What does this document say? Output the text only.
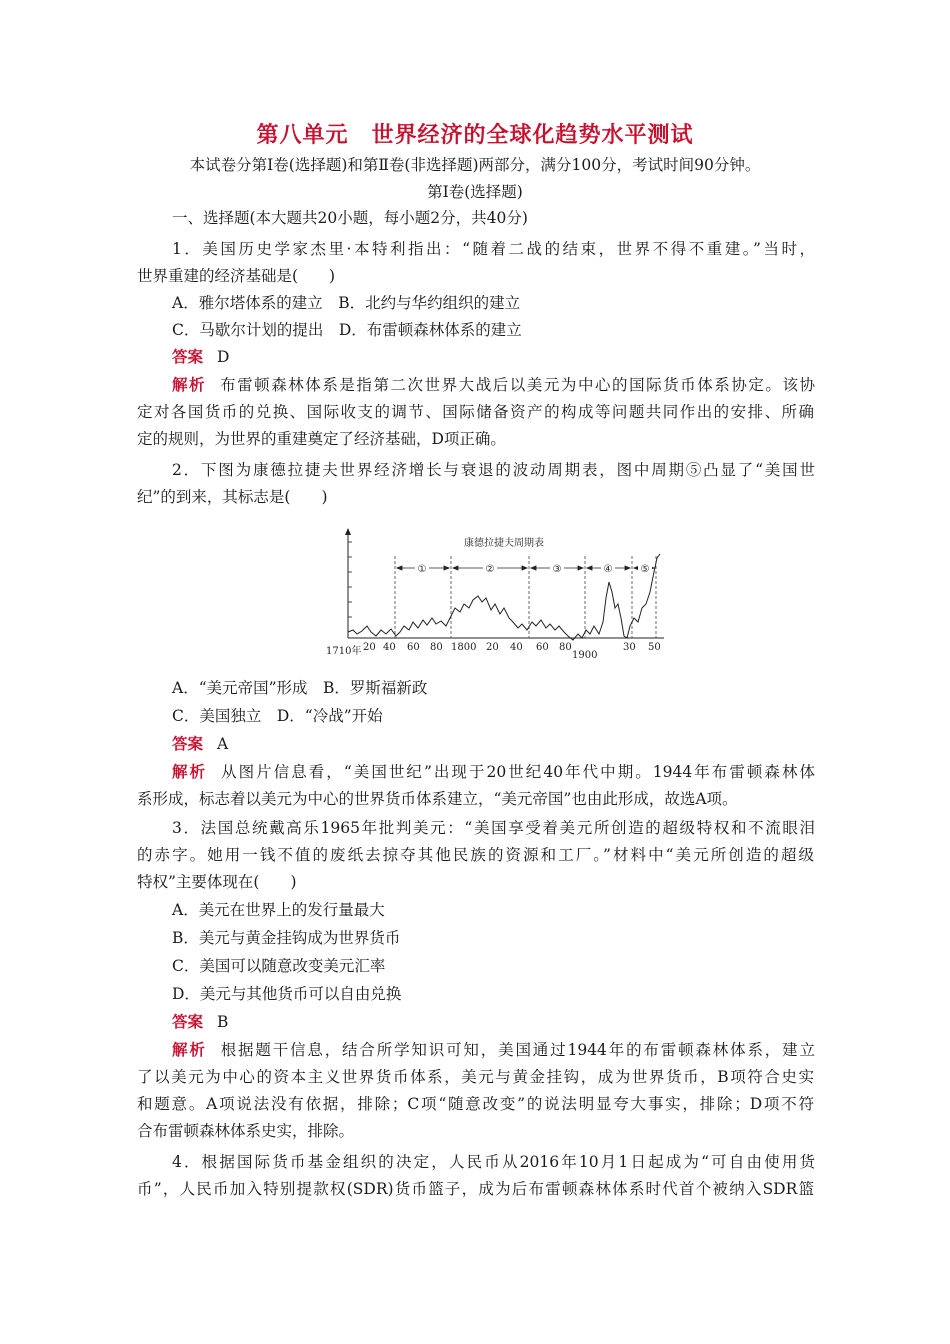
第八单元　世界经济的全球化趋势水平测试
本试卷分第Ⅰ卷(选择题)和第Ⅱ卷(非选择题)两部分，满分100分，考试时间90分钟。
第Ⅰ卷(选择题)
一、选择题(本大题共20小题，每小题2分，共40分)
1．美国历史学家杰里·本特利指出：“随着二战的结束，世界不得不重建。”当时，
世界重建的经济基础是(　　)
A．雅尔塔体系的建立　B．北约与华约组织的建立
C．马歇尔计划的提出　D．布雷顿森林体系的建立
答案 D
解析 布雷顿森林体系是指第二次世界大战后以美元为中心的国际货币体系协定。该协
定对各国货币的兑换、国际收支的调节、国际储备资产的构成等问题共同作出的安排、所确
定的规则，为世界的重建奠定了经济基础，D项正确。
2．下图为康德拉捷夫世界经济增长与衰退的波动周期表，图中周期⑤凸显了“美国世
纪”的到来，其标志是(　　)
康德拉捷夫周期表
①	②	③	④	⑤
1710年 20 40 60 80 1800 20 40 60 80
1900
30 50
A．“美元帝国”形成　B．罗斯福新政
C．美国独立　D．“冷战”开始
答案 A
解析 从图片信息看，“美国世纪”出现于20世纪40年代中期。1944年布雷顿森林体
系形成，标志着以美元为中心的世界货币体系建立，“美元帝国”也由此形成，故选A项。
3．法国总统戴高乐1965年批判美元：“美国享受着美元所创造的超级特权和不流眼泪
的赤字。她用一钱不值的废纸去掠夺其他民族的资源和工厂。”材料中“美元所创造的超级
特权”主要体现在(　　)
A．美元在世界上的发行量最大
B．美元与黄金挂钩成为世界货币
C．美国可以随意改变美元汇率
D．美元与其他货币可以自由兑换
答案 B
解析 根据题干信息，结合所学知识可知，美国通过1944年的布雷顿森林体系，建立
了以美元为中心的资本主义世界货币体系，美元与黄金挂钩，成为世界货币，B项符合史实
和题意。A项说法没有依据，排除；C项“随意改变”的说法明显夸大事实，排除；D项不符
合布雷顿森林体系史实，排除。
4．根据国际货币基金组织的决定，人民币从2016年10月1日起成为“可自由使用货
币”，人民币加入特别提款权(SDR)货币篮子，成为后布雷顿森林体系时代首个被纳入SDR篮
